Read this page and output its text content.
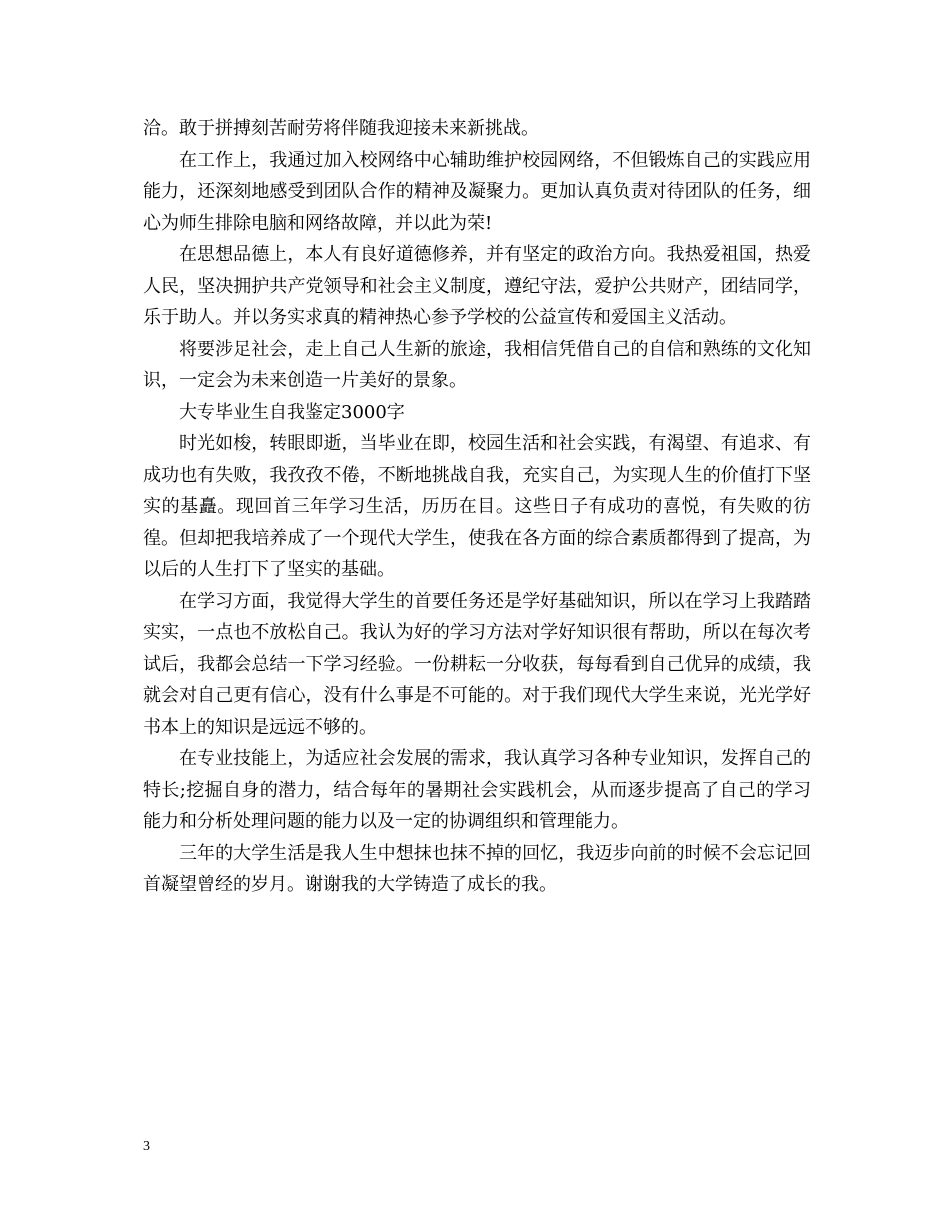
洽。敢于拼搏刻苦耐劳将伴随我迎接未来新挑战。

在工作上，我通过加入校网络中心辅助维护校园网络，不但锻炼自己的实践应用能力，还深刻地感受到团队合作的精神及凝聚力。更加认真负责对待团队的任务，细心为师生排除电脑和网络故障，并以此为荣!

在思想品德上，本人有良好道德修养，并有坚定的政治方向。我热爱祖国，热爱人民，坚决拥护共产党领导和社会主义制度，遵纪守法，爱护公共财产，团结同学，乐于助人。并以务实求真的精神热心参予学校的公益宣传和爱国主义活动。

将要涉足社会，走上自己人生新的旅途，我相信凭借自己的自信和熟练的文化知识，一定会为未来创造一片美好的景象。

大专毕业生自我鉴定3000字

时光如梭，转眼即逝，当毕业在即，校园生活和社会实践，有渴望、有追求、有成功也有失败，我孜孜不倦，不断地挑战自我，充实自己，为实现人生的价值打下坚实的基矗。现回首三年学习生活，历历在目。这些日子有成功的喜悦，有失败的彷徨。但却把我培养成了一个现代大学生，使我在各方面的综合素质都得到了提高，为以后的人生打下了坚实的基础。

在学习方面，我觉得大学生的首要任务还是学好基础知识，所以在学习上我踏踏实实，一点也不放松自己。我认为好的学习方法对学好知识很有帮助，所以在每次考试后，我都会总结一下学习经验。一份耕耘一分收获，每每看到自己优异的成绩，我就会对自己更有信心，没有什么事是不可能的。对于我们现代大学生来说，光光学好书本上的知识是远远不够的。

在专业技能上，为适应社会发展的需求，我认真学习各种专业知识，发挥自己的特长;挖掘自身的潜力，结合每年的暑期社会实践机会，从而逐步提高了自己的学习能力和分析处理问题的能力以及一定的协调组织和管理能力。

三年的大学生活是我人生中想抹也抹不掉的回忆，我迈步向前的时候不会忘记回首凝望曾经的岁月。谢谢我的大学铸造了成长的我。

3
